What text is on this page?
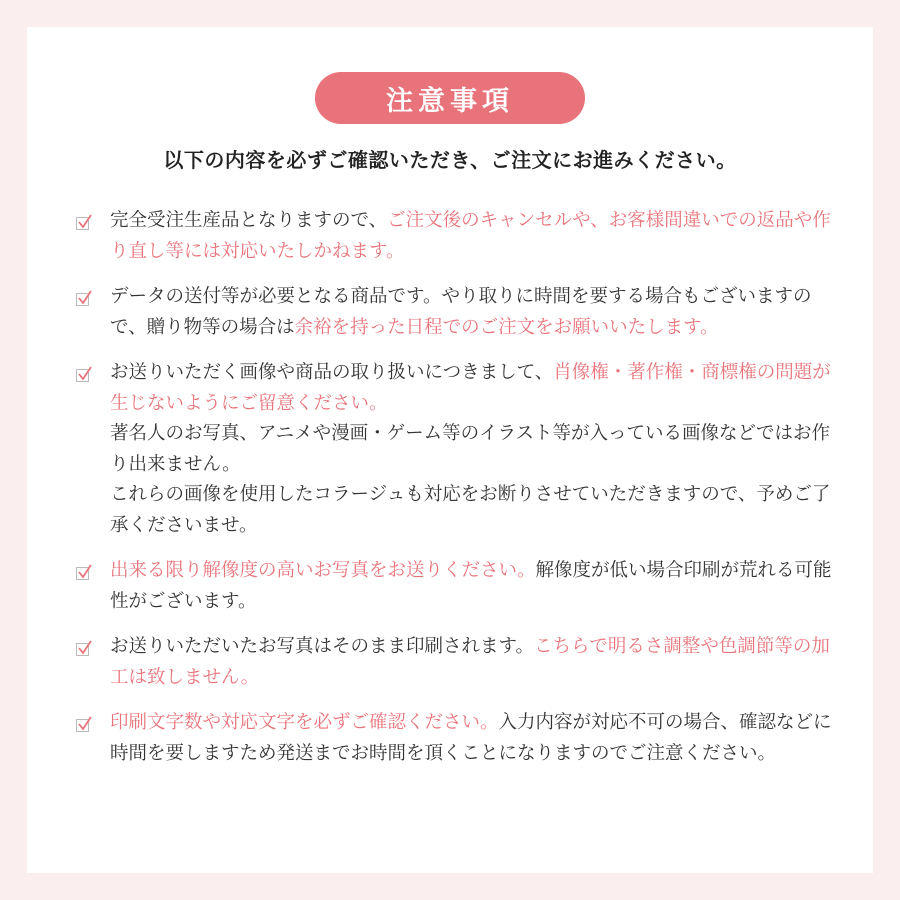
注意事項
以下の内容を必ずご確認いただき、ご注文にお進みください。

完全受注生産品となりますので、ご注文後のキャンセルや、お客様間違いでの返品や作り直し等には対応いたしかねます。

データの送付等が必要となる商品です。やり取りに時間を要する場合もございますので、贈り物等の場合は余裕を持った日程でのご注文をお願いいたします。

お送りいただく画像や商品の取り扱いにつきまして、肖像権・著作権・商標権の問題が生じないようにご留意ください。

著名人のお写真、アニメや漫画・ゲーム等のイラスト等が入っている画像などではお作り出来ません。

これらの画像を使用したコラージュも対応をお断りさせていただきますので、予めご了承くださいませ。

出来る限り解像度の高いお写真をお送りください。解像度が低い場合印刷が荒れる可能性がございます。

お送りいただいたお写真はそのまま印刷されます。こちらで明るさ調整や色調節等の加工は致しません。

印刷文字数や対応文字を必ずご確認ください。入力内容が対応不可の場合、確認などに時間を要しますため発送までお時間を頂くことになりますのでご注意ください。
